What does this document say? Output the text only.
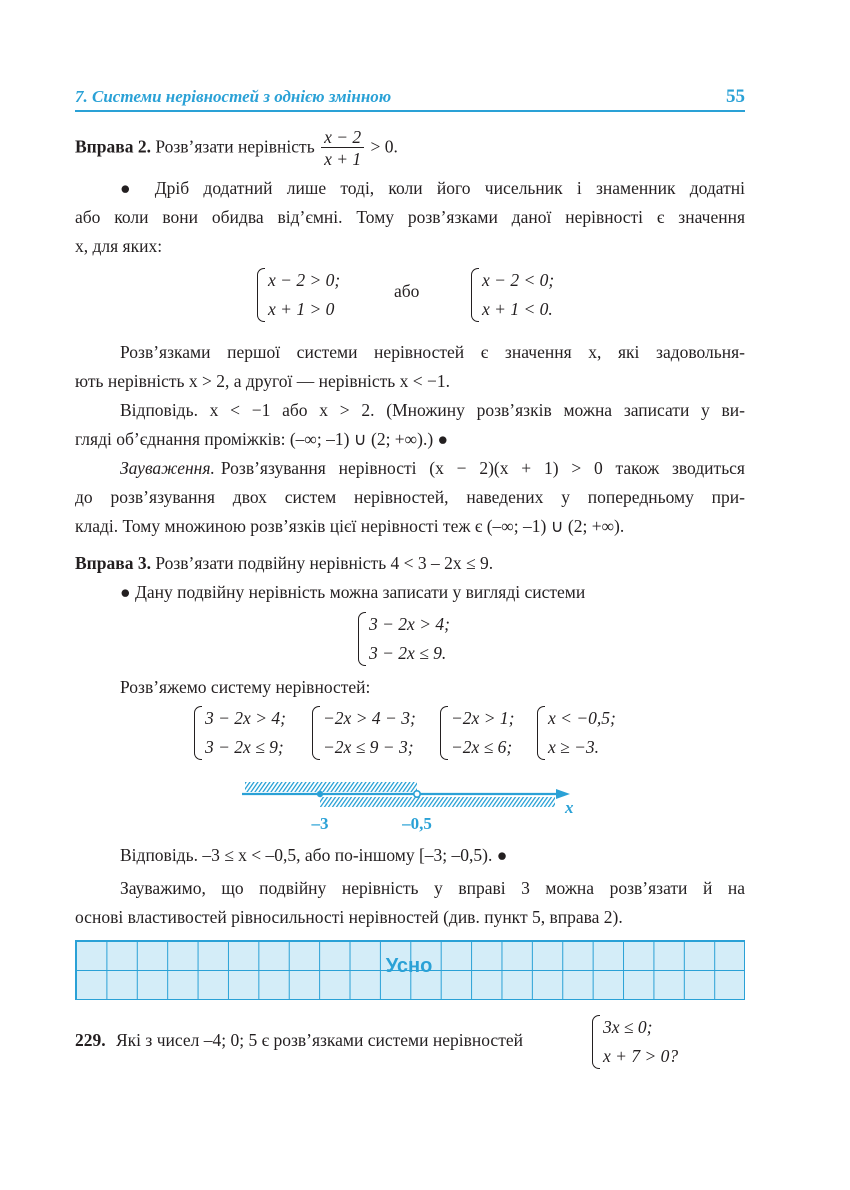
7. Системи нерівностей з однією змінною	55
Вправа 2. Розв’язати нерівність $\frac{x - 2}{x + 1} > 0$.
● Дріб додатний лише тоді, коли його чисельник і знаменник додатні
або коли вони обидва від’ємні. Тому розв’язками даної нерівності є значення
x, для яких:
x − 2 > 0;
x + 1 > 0
або
x − 2 < 0;
x + 1 < 0.
Розв’язками першої системи нерівностей є значення x, які задовольня-
ють нерівність x > 2, а другої — нерівність x < −1.
Відповідь. x < −1 або x > 2. (Множину розв’язків можна записати у ви-
гляді об’єднання проміжків: (–∞; –1) ∪ (2; +∞).) ●
Зауваження. Розв’язування нерівності (x − 2)(x + 1) > 0 також зводиться
до розв’язування двох систем нерівностей, наведених у попередньому при-
кладі. Тому множиною розв’язків цієї нерівності теж є (–∞; –1) ∪ (2; +∞).
Вправа 3. Розв’язати подвійну нерівність 4 < 3 – 2x ≤ 9.
● Дану подвійну нерівність можна записати у вигляді системи
3 − 2x > 4;
3 − 2x ≤ 9.
Розв’яжемо систему нерівностей:
3 − 2x > 4;
3 − 2x ≤ 9;
−2x > 4 − 3;
−2x ≤ 9 − 3;
−2x > 1;
−2x ≤ 6;
x < −0,5;
x ≥ −3.
x
–3	–0,5
Відповідь. –3 ≤ x < –0,5, або по-іншому [–3; –0,5). ●
Зауважимо, що подвійну нерівність у вправі 3 можна розв’язати й на
основі властивостей рівносильності нерівностей (див. пункт 5, вправа 2).
Усно
229. Які з чисел –4; 0; 5 є розв’язками системи нерівностей
3x ≤ 0;
x + 7 > 0?
